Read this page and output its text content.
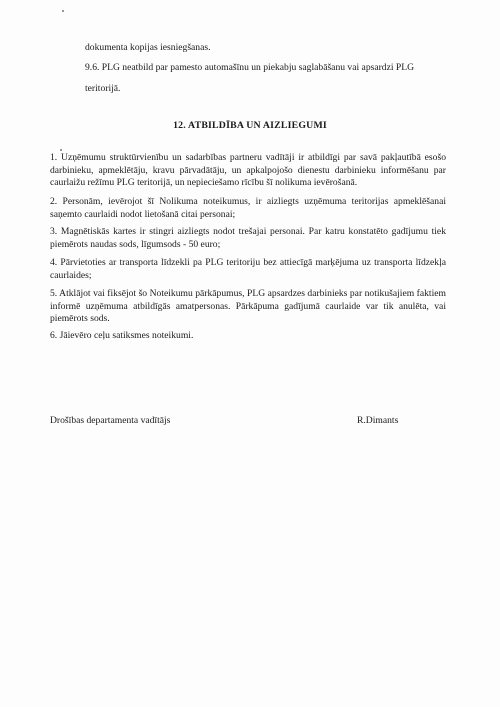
dokumenta kopijas iesniegšanas.

9.6. PLG neatbild par pamesto automašīnu un piekabju saglabāšanu vai apsardzi PLG

teritorijā.

12. ATBILDĪBA UN AIZLIEGUMI

1. Uzņēmumu struktūrvienību un sadarbības partneru vadītāji ir atbildīgi par savā pakļautībā esošo darbinieku, apmeklētāju, kravu pārvadātāju, un apkalpojošo dienestu darbinieku informēšanu par caurlaižu režīmu PLG teritorijā, un nepieciešamo rīcību šī nolikuma ievērošanā.

2. Personām, ievērojot šī Nolikuma noteikumus, ir aizliegts uzņēmuma teritorijas apmeklēšanai saņemto caurlaidi nodot lietošanā citai personai;

3. Magnētiskās kartes ir stingri aizliegts nodot trešajai personai. Par katru konstatēto gadījumu tiek piemērots naudas sods, līgumsods - 50 euro;

4. Pārvietoties ar transporta līdzekli pa PLG teritoriju bez attiecīgā marķējuma uz transporta līdzekļa caurlaides;

5. Atklājot vai fiksējot šo Noteikumu pārkāpumus, PLG apsardzes darbinieks par notikušajiem faktiem informē uzņēmuma atbildīgās amatpersonas. Pārkāpuma gadījumā caurlaide var tik anulēta, vai piemērots sods.

6. Jāievēro ceļu satiksmes noteikumi.

Drošības departamenta vadītājs	R.Dimants
